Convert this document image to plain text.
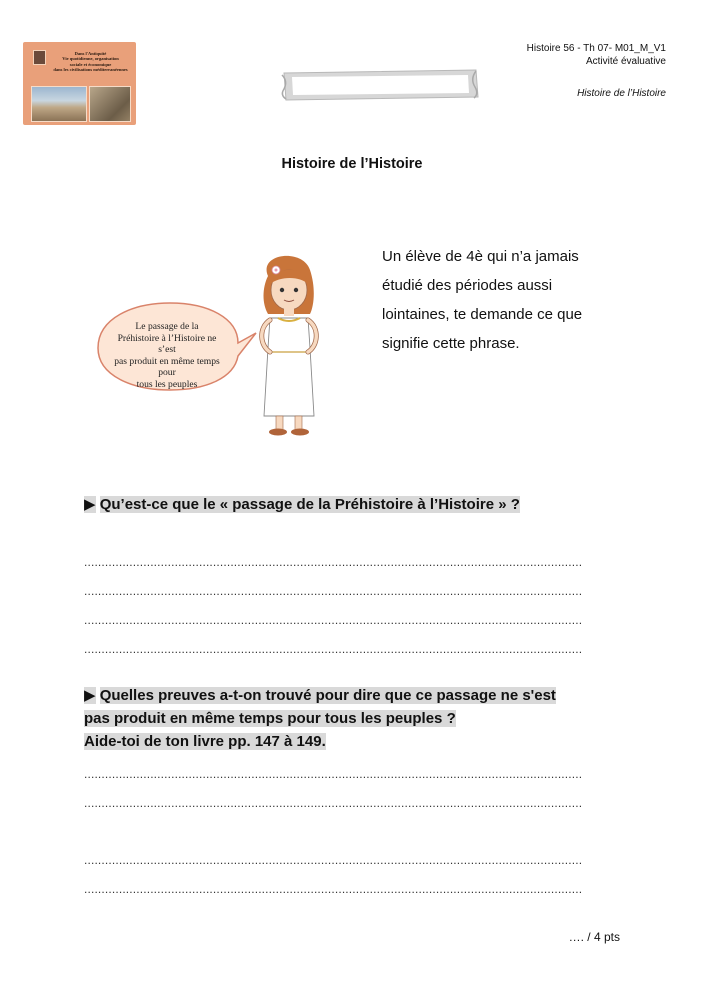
Dans l'Antiquité
Vie quotidienne, organisation
sociale et économique
dans les civilisations méditerranéennes
Histoire 56 - Th 07- M01_M_V1
Activité évaluative
Histoire de l’Histoire
Histoire de l’Histoire
Le passage de la
Préhistoire à l’Histoire ne s’est
pas produit en même temps pour
tous les peuples
Un élève de 4è qui n’a jamais
étudié des périodes aussi
lointaines, te demande ce que
signifie cette phrase.
▶ Qu’est-ce que le « passage de la Préhistoire à l’Histoire » ?
...............................................................................................................................................
...............................................................................................................................................
...............................................................................................................................................
...............................................................................................................................................
▶ Quelles preuves a-t-on trouvé pour dire que ce passage ne s'est
pas produit en même temps pour tous les peuples ?
Aide-toi de ton livre pp. 147 à 149.
...............................................................................................................................................
...............................................................................................................................................
...............................................................................................................................................
...............................................................................................................................................
…. / 4 pts
